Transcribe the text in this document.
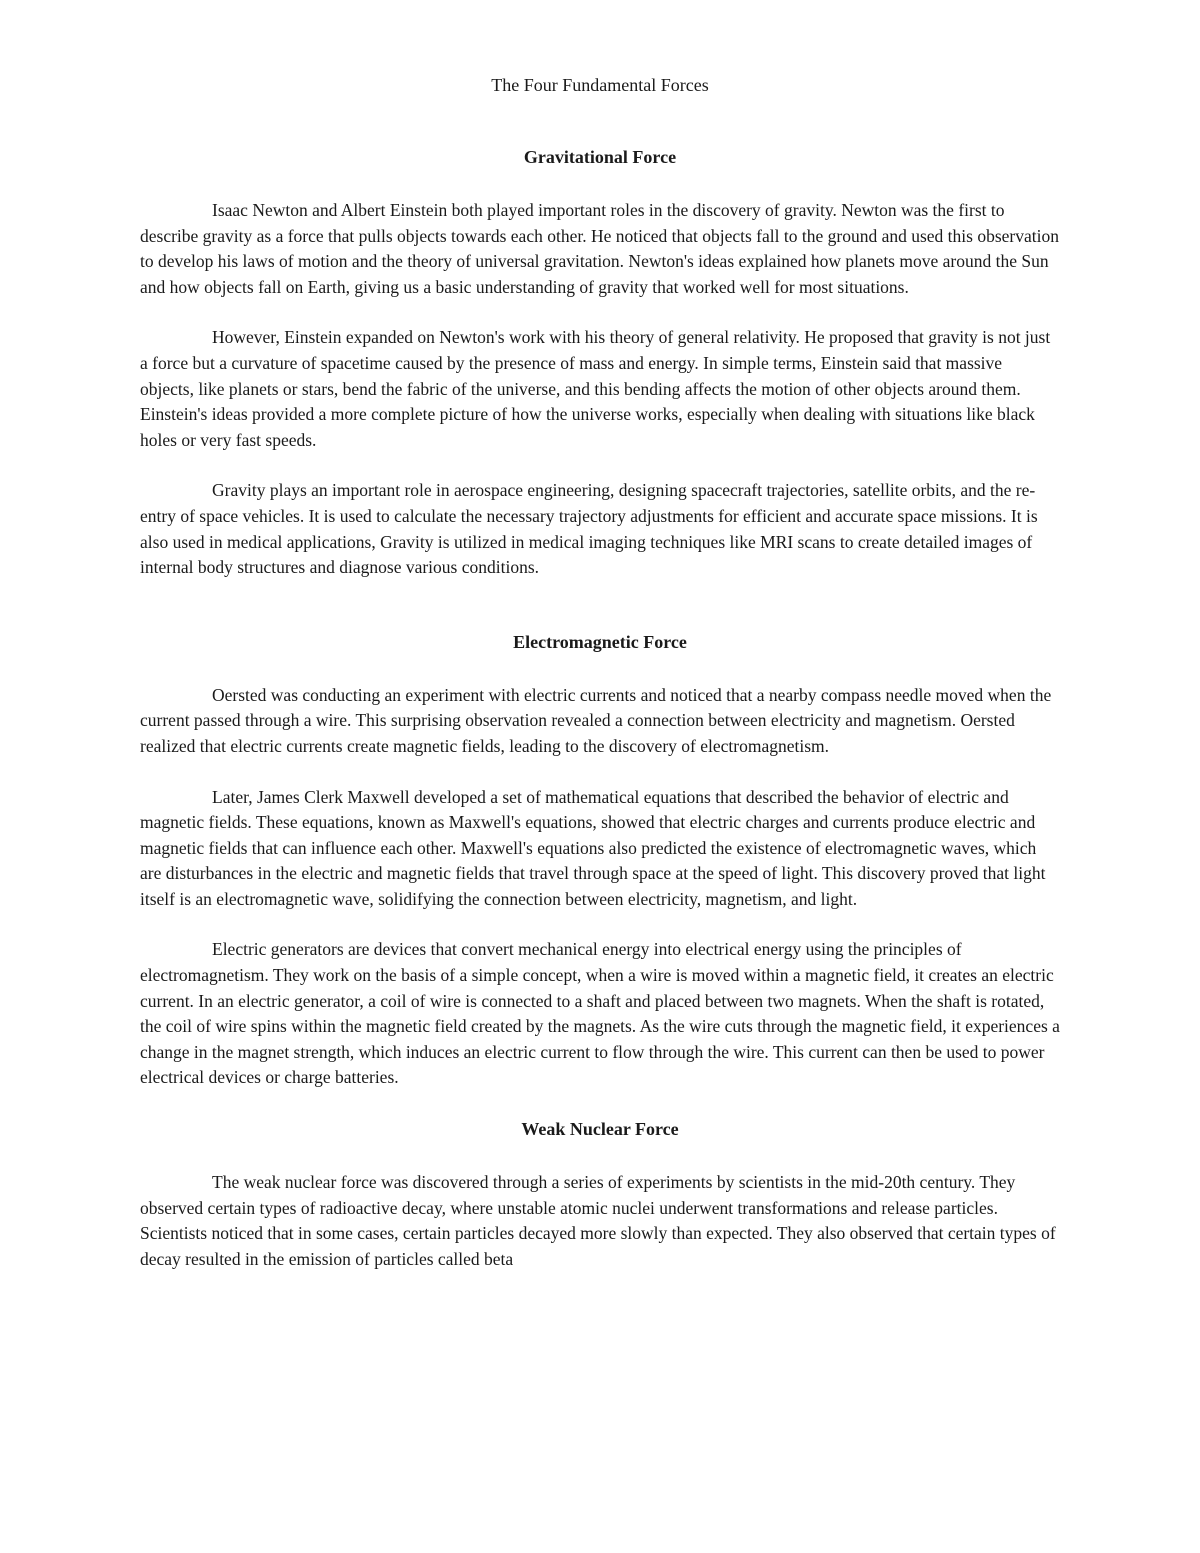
The Four Fundamental Forces
Gravitational Force

Isaac Newton and Albert Einstein both played important roles in the discovery of gravity. Newton was the first to describe gravity as a force that pulls objects towards each other. He noticed that objects fall to the ground and used this observation to develop his laws of motion and the theory of universal gravitation. Newton's ideas explained how planets move around the Sun and how objects fall on Earth, giving us a basic understanding of gravity that worked well for most situations.

However, Einstein expanded on Newton's work with his theory of general relativity. He proposed that gravity is not just a force but a curvature of spacetime caused by the presence of mass and energy. In simple terms, Einstein said that massive objects, like planets or stars, bend the fabric of the universe, and this bending affects the motion of other objects around them. Einstein's ideas provided a more complete picture of how the universe works, especially when dealing with situations like black holes or very fast speeds.

Gravity plays an important role in aerospace engineering, designing spacecraft trajectories, satellite orbits, and the re-entry of space vehicles. It is used to calculate the necessary trajectory adjustments for efficient and accurate space missions. It is also used in medical applications, Gravity is utilized in medical imaging techniques like MRI scans to create detailed images of internal body structures and diagnose various conditions.

Electromagnetic Force

Oersted was conducting an experiment with electric currents and noticed that a nearby compass needle moved when the current passed through a wire. This surprising observation revealed a connection between electricity and magnetism. Oersted realized that electric currents create magnetic fields, leading to the discovery of electromagnetism.

Later, James Clerk Maxwell developed a set of mathematical equations that described the behavior of electric and magnetic fields. These equations, known as Maxwell's equations, showed that electric charges and currents produce electric and magnetic fields that can influence each other. Maxwell's equations also predicted the existence of electromagnetic waves, which are disturbances in the electric and magnetic fields that travel through space at the speed of light. This discovery proved that light itself is an electromagnetic wave, solidifying the connection between electricity, magnetism, and light.

Electric generators are devices that convert mechanical energy into electrical energy using the principles of electromagnetism. They work on the basis of a simple concept, when a wire is moved within a magnetic field, it creates an electric current. In an electric generator, a coil of wire is connected to a shaft and placed between two magnets. When the shaft is rotated, the coil of wire spins within the magnetic field created by the magnets. As the wire cuts through the magnetic field, it experiences a change in the magnet strength, which induces an electric current to flow through the wire. This current can then be used to power electrical devices or charge batteries.

Weak Nuclear Force

The weak nuclear force was discovered through a series of experiments by scientists in the mid-20th century. They observed certain types of radioactive decay, where unstable atomic nuclei underwent transformations and release particles. Scientists noticed that in some cases, certain particles decayed more slowly than expected. They also observed that certain types of decay resulted in the emission of particles called beta
